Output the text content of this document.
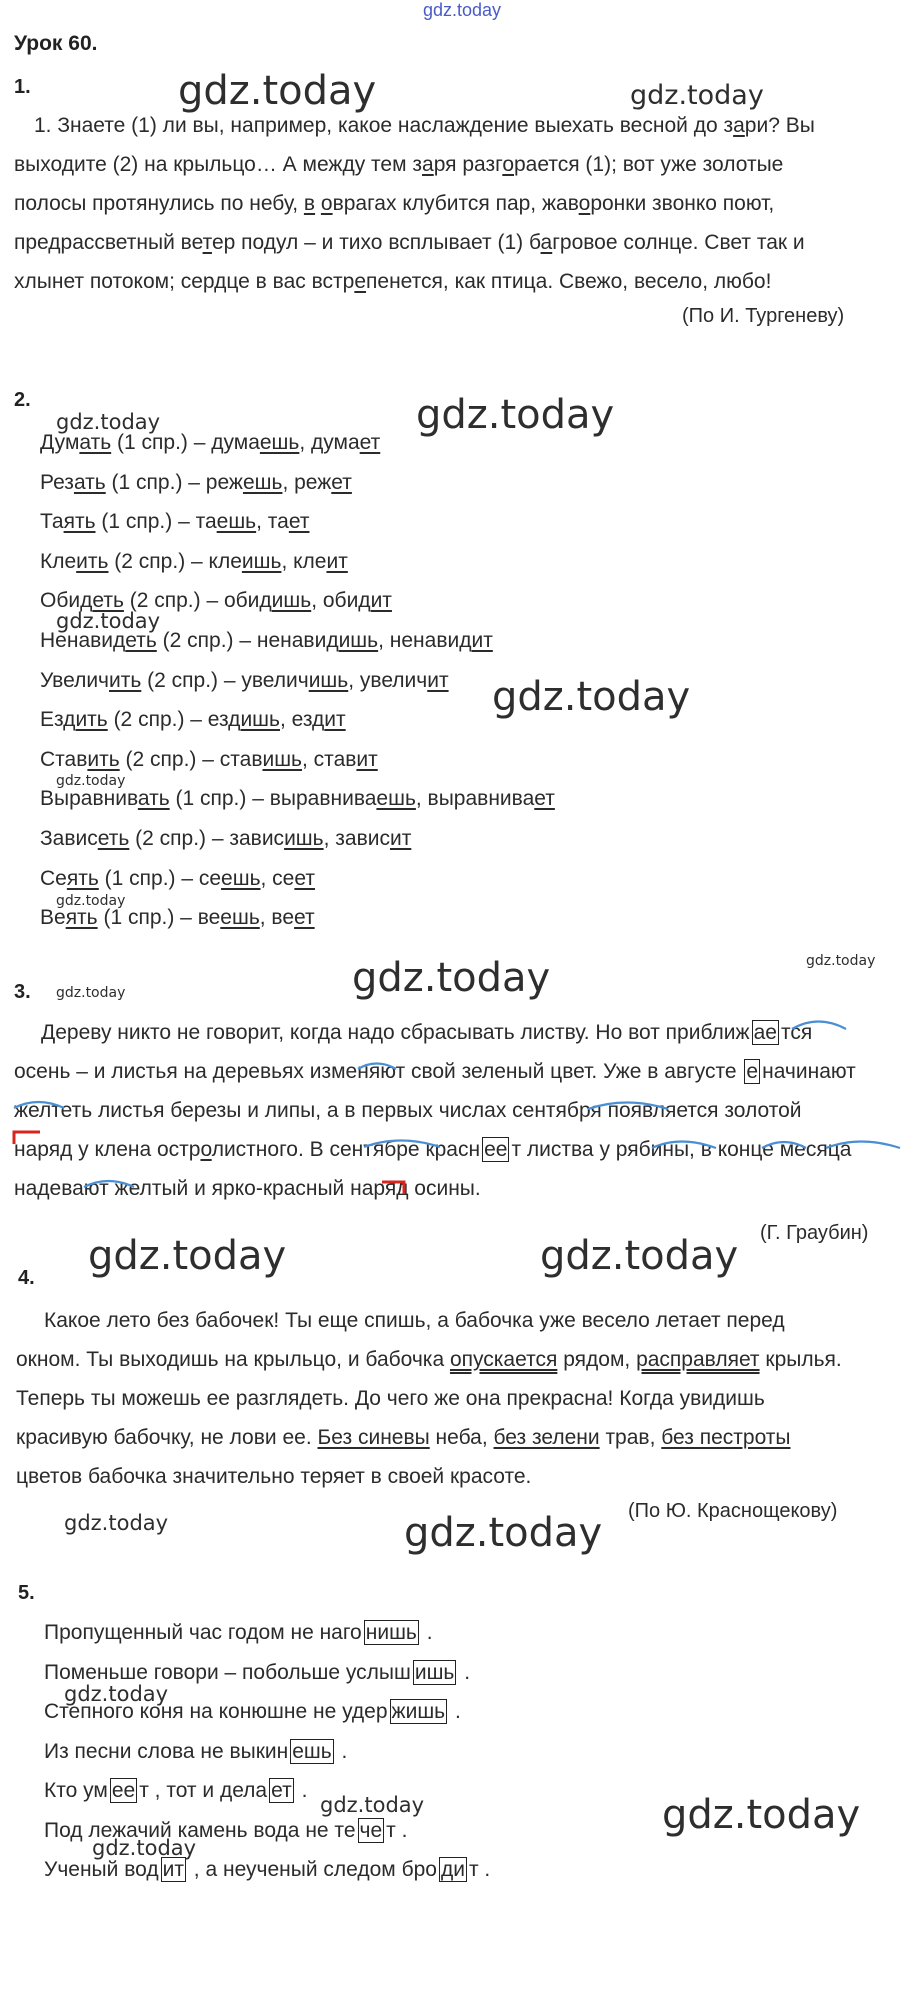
gdz.today
Урок 60.
1.
1. Знаете (1) ли вы, например, какое наслаждение выехать весной до зари? Вы
выходите (2) на крыльцо… А между тем заря разгорается (1); вот уже золотые
полосы протянулись по небу, в оврагах клубится пар, жаворонки звонко поют,
предрассветный ветер подул – и тихо всплывает (1) багровое солнце. Свет так и
хлынет потоком; сердце в вас встрепенется, как птица. Свежо, весело, любо!
(По И. Тургеневу)
2.
Думать (1 спр.) – думаешь, думает
Резать (1 спр.) – режешь, режет
Таять (1 спр.) – таешь, тает
Клеить (2 спр.) – клеишь, клеит
Обидеть (2 спр.) – обидишь, обидит
Ненавидеть (2 спр.) – ненавидишь, ненавидит
Увеличить (2 спр.) – увеличишь, увеличит
Ездить (2 спр.) – ездишь, ездит
Ставить (2 спр.) – ставишь, ставит
Выравнивать (1 спр.) – выравниваешь, выравнивает
Зависеть (2 спр.) – зависишь, зависит
Сеять (1 спр.) – сеешь, сеет
Веять (1 спр.) – веешь, веет
3.
Дереву никто не говорит, когда надо сбрасывать листву. Но вот приближ ае тся
осень – и листья на деревьях изменяют свой зеленый цвет. Уже в августе е начинают
желтеть листья березы и липы, а в первых числах сентября появляется золотой
наряд у клена остролистного. В сентябре красн ее т листва у рябины, в конце месяца
надевают желтый и ярко-красный наряд осины.
(Г. Граубин)
4.
Какое лето без бабочек! Ты еще спишь, а бабочка уже весело летает перед
окном. Ты выходишь на крыльцо, и бабочка опускается рядом, расправляет крылья.
Теперь ты можешь ее разглядеть. До чего же она прекрасна! Когда увидишь
красивую бабочку, не лови ее. Без синевы неба, без зелени трав, без пестроты
цветов бабочка значительно теряет в своей красоте.
(По Ю. Краснощекову)
5.
Пропущенный час годом не наго нишь .
Поменьше говори – побольше услыш ишь .
Степного коня на конюшне не удер жишь .
Из песни слова не выкин ешь .
Кто ум ее т , тот и дела ет .
Под лежачий камень вода не те че т .
Ученый вод ит , а неученый следом бро ди т .
gdz.today	gdz.today
gdz.today	gdz.today
gdz.today
gdz.today
gdz.today
gdz.today
gdz.today
gdz.today
gdz.today
gdz.today	gdz.today
gdz.today	gdz.today
gdz.today
gdz.today	gdz.today
gdz.today
